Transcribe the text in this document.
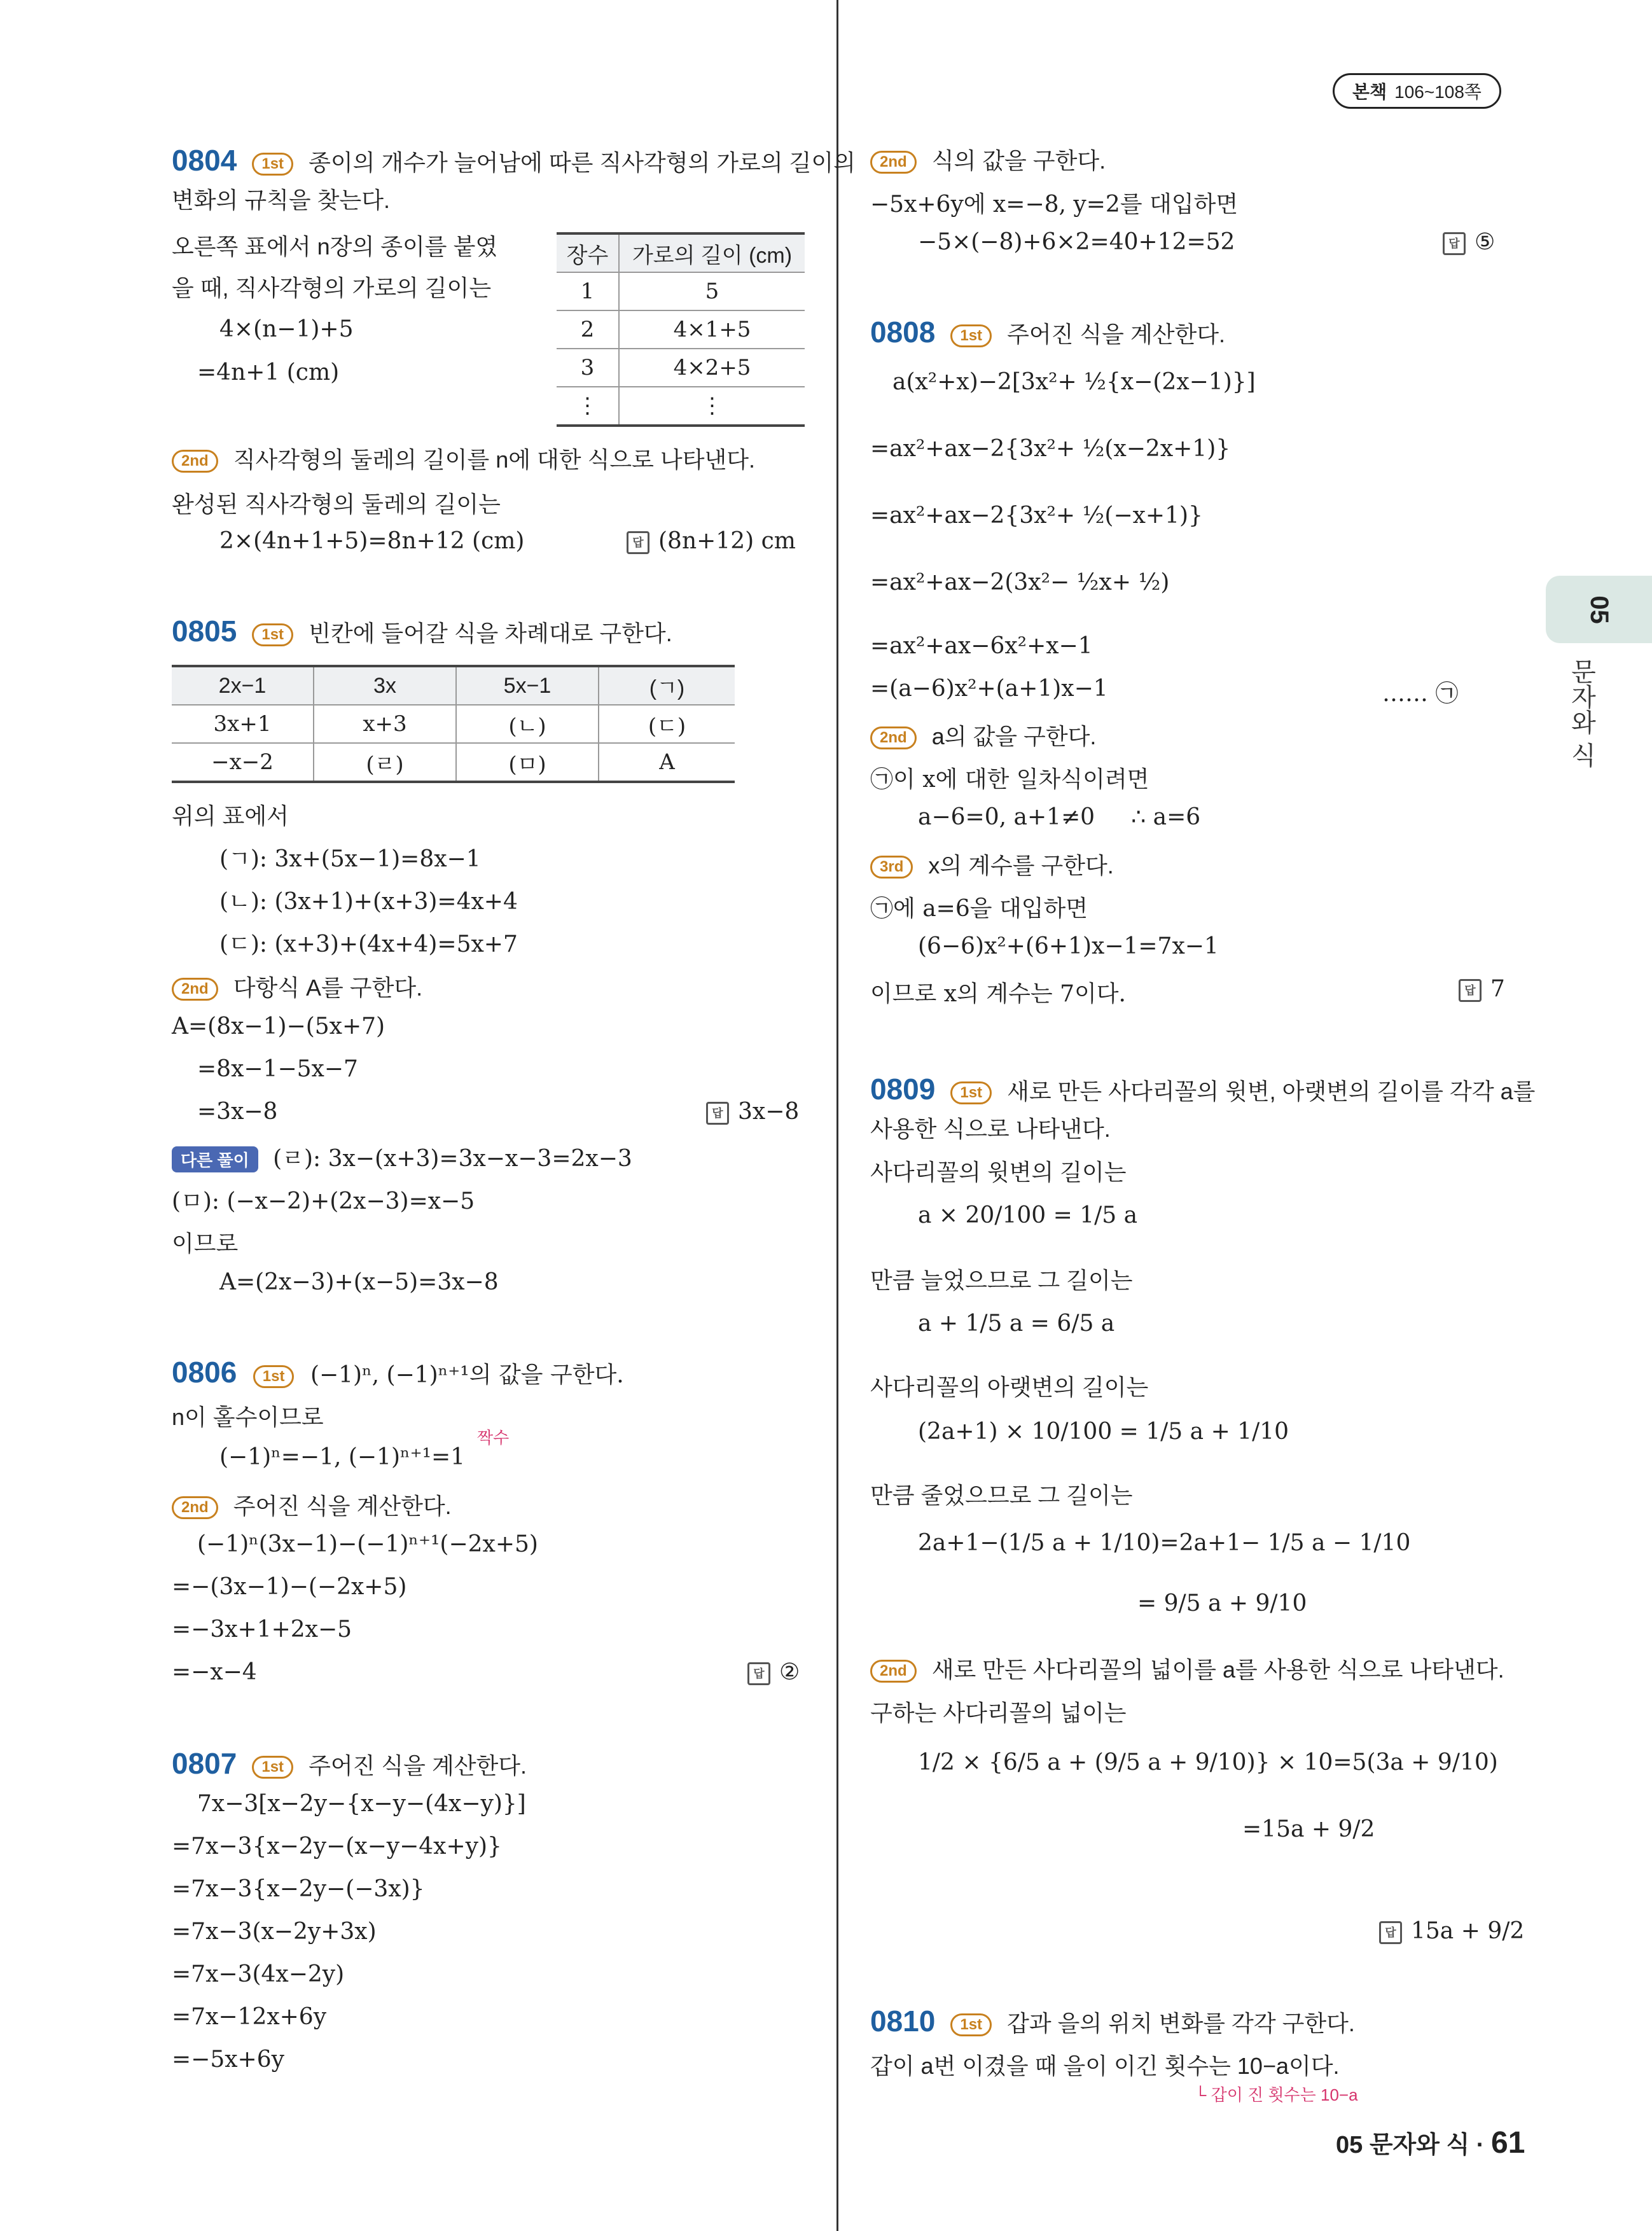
본책 106~108쪽
05
문자와 식
0804 1st 종이의 개수가 늘어남에 따른 직사각형의 가로의 길이의
변화의 규칙을 찾는다.
오른쪽 표에서 n장의 종이를 붙였
을 때, 직사각형의 가로의 길이는
4×(n−1)+5
=4n+1 (cm)
장수	가로의 길이 (cm)
1	5
2	4×1+5
3	4×2+5
⋮	⋮
2nd 직사각형의 둘레의 길이를 n에 대한 식으로 나타낸다.
완성된 직사각형의 둘레의 길이는
2×(4n+1+5)=8n+12 (cm)	답 (8n+12) cm
0805 1st 빈칸에 들어갈 식을 차례대로 구한다.
2x−1	3x	5x−1	(ㄱ)
3x+1	x+3	(ㄴ)	(ㄷ)
−x−2	(ㄹ)	(ㅁ)	A
위의 표에서
(ㄱ): 3x+(5x−1)=8x−1
(ㄴ): (3x+1)+(x+3)=4x+4
(ㄷ): (x+3)+(4x+4)=5x+7
2nd 다항식 A를 구한다.
A=(8x−1)−(5x+7)
=8x−1−5x−7
=3x−8	답 3x−8
다른 풀이 (ㄹ): 3x−(x+3)=3x−x−3=2x−3
(ㅁ): (−x−2)+(2x−3)=x−5
이므로
A=(2x−3)+(x−5)=3x−8
0806 1st (−1)ⁿ, (−1)ⁿ⁺¹의 값을 구한다.
n이 홀수이므로
짝수
(−1)ⁿ=−1, (−1)ⁿ⁺¹=1
2nd 주어진 식을 계산한다.
(−1)ⁿ(3x−1)−(−1)ⁿ⁺¹(−2x+5)
=−(3x−1)−(−2x+5)
=−3x+1+2x−5
=−x−4	답 ②
0807 1st 주어진 식을 계산한다.
7x−3[x−2y−{x−y−(4x−y)}]
=7x−3{x−2y−(x−y−4x+y)}
=7x−3{x−2y−(−3x)}
=7x−3(x−2y+3x)
=7x−3(4x−2y)
=7x−12x+6y
=−5x+6y
2nd 식의 값을 구한다.
−5x+6y에 x=−8, y=2를 대입하면
−5×(−8)+6×2=40+12=52	답 ⑤
0808 1st 주어진 식을 계산한다.
a(x²+x)−2[3x²+ ½{x−(2x−1)}]
=ax²+ax−2{3x²+ ½(x−2x+1)}
=ax²+ax−2{3x²+ ½(−x+1)}
=ax²+ax−2(3x²− ½x+ ½)
=ax²+ax−6x²+x−1
=(a−6)x²+(a+1)x−1	…… ㉠
2nd a의 값을 구한다.
㉠이 x에 대한 일차식이려면
a−6=0, a+1≠0     ∴ a=6
3rd x의 계수를 구한다.
㉠에 a=6을 대입하면
(6−6)x²+(6+1)x−1=7x−1
이므로 x의 계수는 7이다.	답 7
0809 1st 새로 만든 사다리꼴의 윗변, 아랫변의 길이를 각각 a를
사용한 식으로 나타낸다.
사다리꼴의 윗변의 길이는
a × 20/100 = 1/5 a
만큼 늘었으므로 그 길이는
a + 1/5 a = 6/5 a
사다리꼴의 아랫변의 길이는
(2a+1) × 10/100 = 1/5 a + 1/10
만큼 줄었으므로 그 길이는
2a+1−(1/5 a + 1/10)=2a+1− 1/5 a − 1/10
= 9/5 a + 9/10
2nd 새로 만든 사다리꼴의 넓이를 a를 사용한 식으로 나타낸다.
구하는 사다리꼴의 넓이는
1/2 × {6/5 a + (9/5 a + 9/10)} × 10=5(3a + 9/10)
=15a + 9/2
답 15a + 9/2
0810 1st 갑과 을의 위치 변화를 각각 구한다.
갑이 a번 이겼을 때 을이 이긴 횟수는 10−a이다.
└ 갑이 진 횟수는 10−a
05 문자와 식 · 61
